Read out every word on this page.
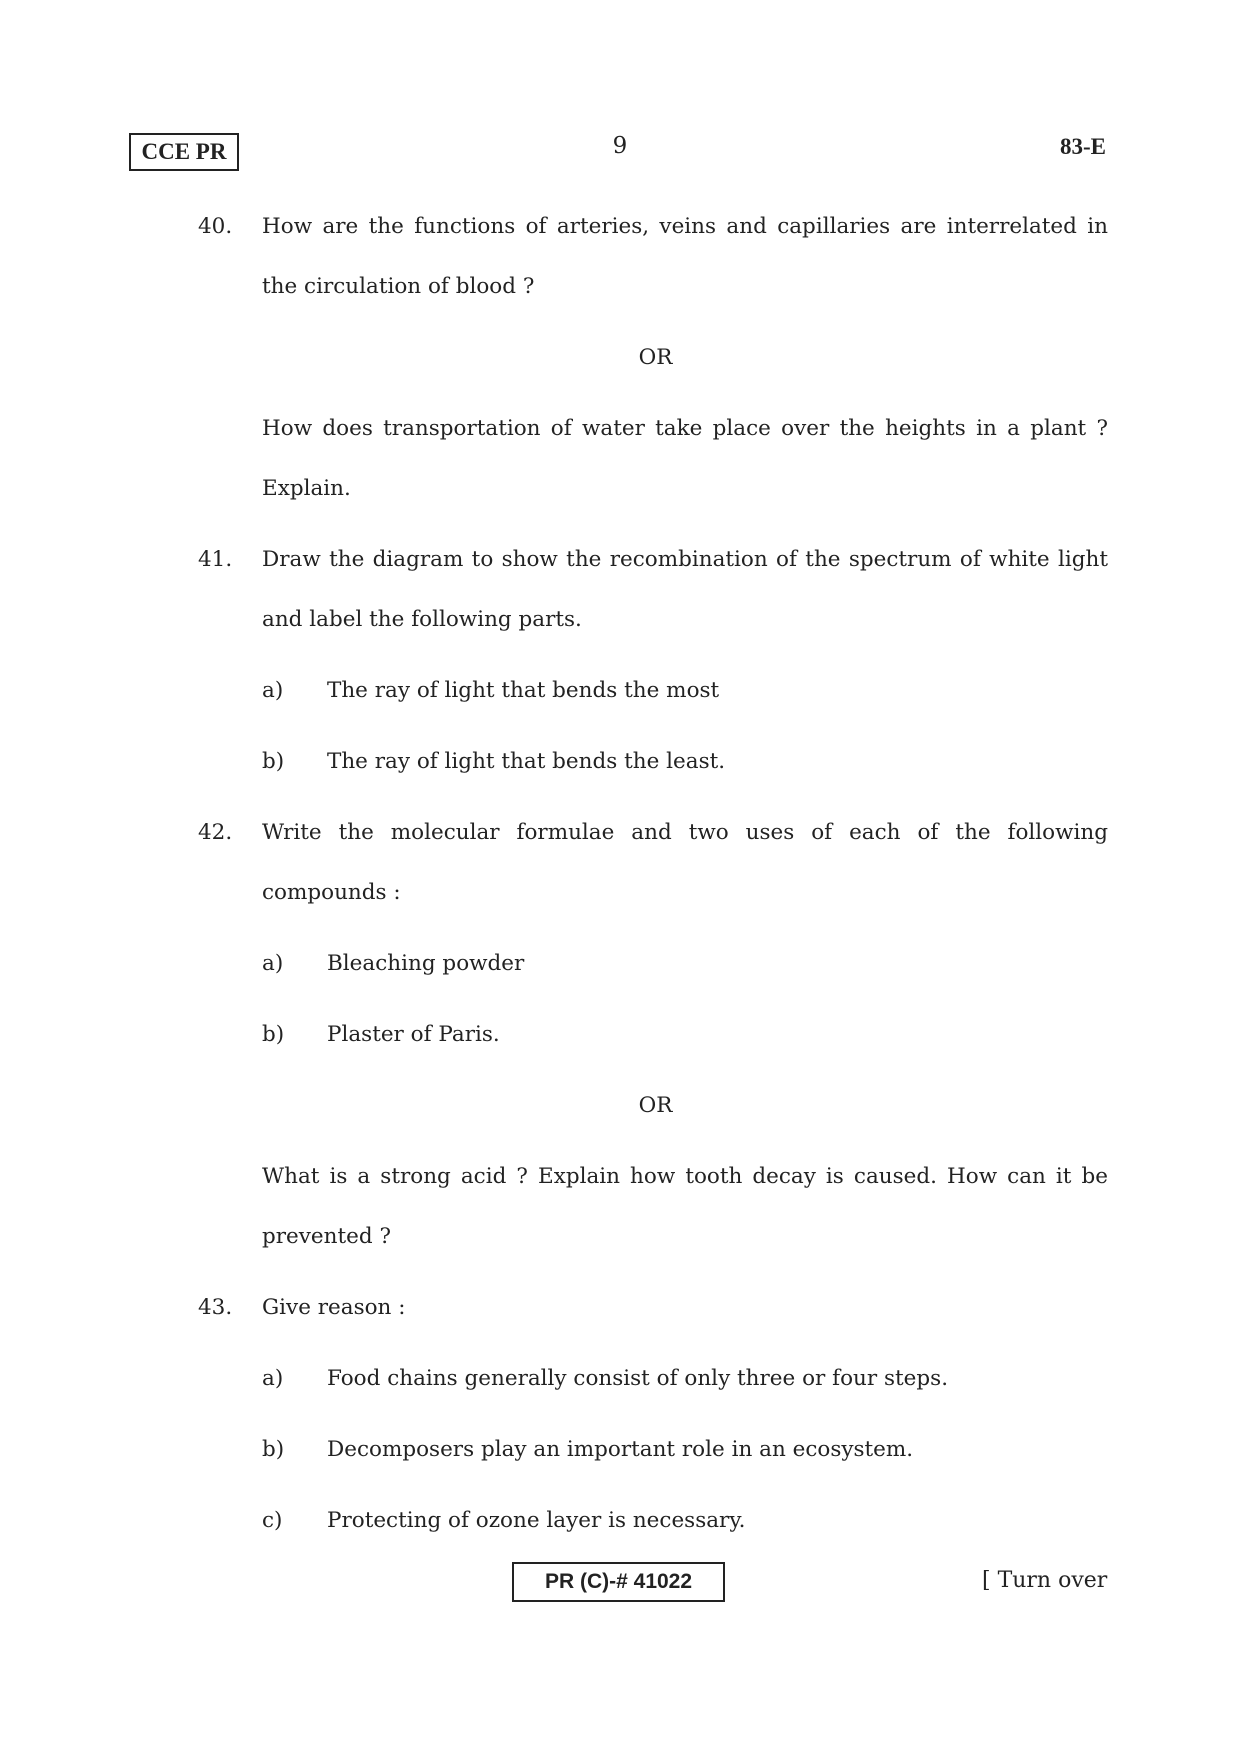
CCE PR	9	83-E
40. How are the functions of arteries, veins and capillaries are interrelated in
the circulation of blood ?
OR
How does transportation of water take place over the heights in a plant ?
Explain.
41. Draw the diagram to show the recombination of the spectrum of white light
and label the following parts.
a) The ray of light that bends the most
b) The ray of light that bends the least.
42. Write the molecular formulae and two uses of each of the following
compounds :
a) Bleaching powder
b) Plaster of Paris.
OR
What is a strong acid ? Explain how tooth decay is caused. How can it be
prevented ?
43. Give reason :
a) Food chains generally consist of only three or four steps.
b) Decomposers play an important role in an ecosystem.
c) Protecting of ozone layer is necessary.
PR (C)-# 41022	[ Turn over
